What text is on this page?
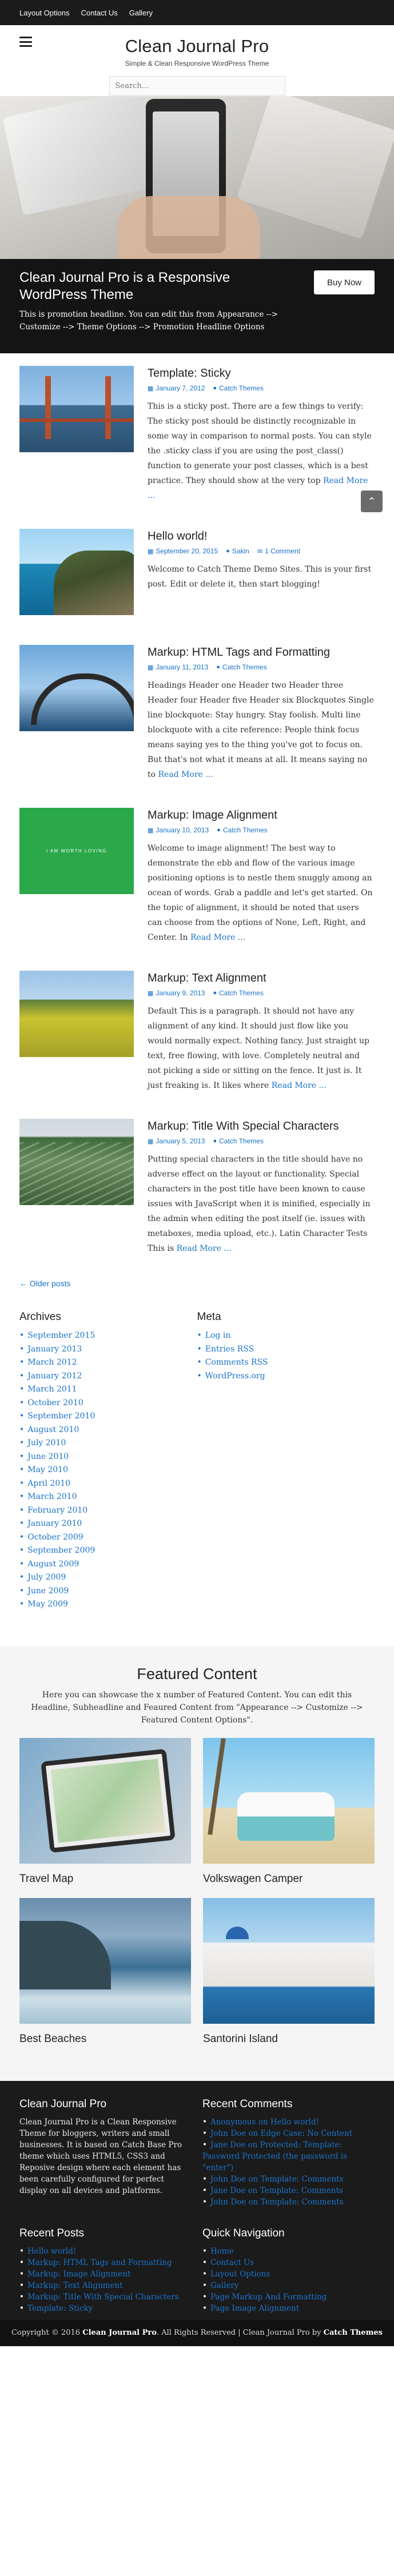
Layout Options Contact Us Gallery
Clean Journal Pro
Simple & Clean Responsive WordPress Theme
Search...
Clean Journal Pro is a Responsive WordPress Theme

This is promotion headline. You can edit this from Appearance --> Customize --> Theme Options --> Promotion Headline Options

Buy Now
Template: Sticky
▦ January 7, 2012 ● Catch Themes

This is a sticky post. There are a few things to verify: The sticky post should be distinctly recognizable in some way in comparison to normal posts. You can style the .sticky class if you are using the post_class() function to generate your post classes, which is a best practice. They should show at the very top Read More ...

Hello world!
▦ September 20, 2015 ● Sakin ✉ 1 Comment

Welcome to Catch Theme Demo Sites. This is your first post. Edit or delete it, then start blogging!

Markup: HTML Tags and Formatting
▦ January 11, 2013 ● Catch Themes

Headings Header one Header two Header three Header four Header five Header six Blockquotes Single line blockquote: Stay hungry. Stay foolish. Multi line blockquote with a cite reference: People think focus means saying yes to the thing you've got to focus on. But that's not what it means at all. It means saying no to Read More ...

I AM WORTH LOVING
Markup: Image Alignment
▦ January 10, 2013 ● Catch Themes

Welcome to image alignment! The best way to demonstrate the ebb and flow of the various image positioning options is to nestle them snuggly among an ocean of words. Grab a paddle and let's get started. On the topic of alignment, it should be noted that users can choose from the options of None, Left, Right, and Center. In Read More ...

Markup: Text Alignment
▦ January 9, 2013 ● Catch Themes

Default This is a paragraph. It should not have any alignment of any kind. It should just flow like you would normally expect. Nothing fancy. Just straight up text, free flowing, with love. Completely neutral and not picking a side or sitting on the fence. It just is. It just freaking is. It likes where Read More ...

Markup: Title With Special Characters
▦ January 5, 2013 ● Catch Themes

Putting special characters in the title should have no adverse effect on the layout or functionality. Special characters in the post title have been known to cause issues with JavaScript when it is minified, especially in the admin when editing the post itself (ie. issues with metaboxes, media upload, etc.). Latin Character Tests This is Read More ...

⌃
← Older posts
Archives
• September 2015
• January 2013
• March 2012
• January 2012
• March 2011
• October 2010
• September 2010
• August 2010
• July 2010
• June 2010
• May 2010
• April 2010
• March 2010
• February 2010
• January 2010
• October 2009
• September 2009
• August 2009
• July 2009
• June 2009
• May 2009
Meta
• Log in
• Entries RSS
• Comments RSS
• WordPress.org
Featured Content

Here you can showcase the x number of Featured Content. You can edit this Headline, Subheadline and Feaured Content from "Appearance --> Customize --> Featured Content Options".

Travel Map	Volkswagen Camper
Best Beaches	Santorini Island
Clean Journal Pro

Clean Journal Pro is a Clean Responsive Theme for bloggers, writers and small businesses. It is based on Catch Base Pro theme which uses HTML5, CSS3 and Reposive design where each element has been carefully configured for perfect display on all devices and platforms.

Recent Comments
• Anonymous on Hello world!
• John Doe on Edge Case: No Content
• Jane Doe on Protected: Template: Password Protected (the password is "enter")
• John Doe on Template: Comments
• Jane Doe on Template: Comments
• John Doe on Template: Comments
Recent Posts
• Hello world!
• Markup: HTML Tags and Formatting
• Markup: Image Alignment
• Markup: Text Alignment
• Markup: Title With Special Characters
• Template: Sticky
Quick Navigation
• Home
• Contact Us
• Layout Options
• Gallery
• Page Markup And Formatting
• Page Image Alignment
Copyright © 2016
Clean Journal Pro . All Rights Reserved | Clean Journal Pro by
Catch Themes
